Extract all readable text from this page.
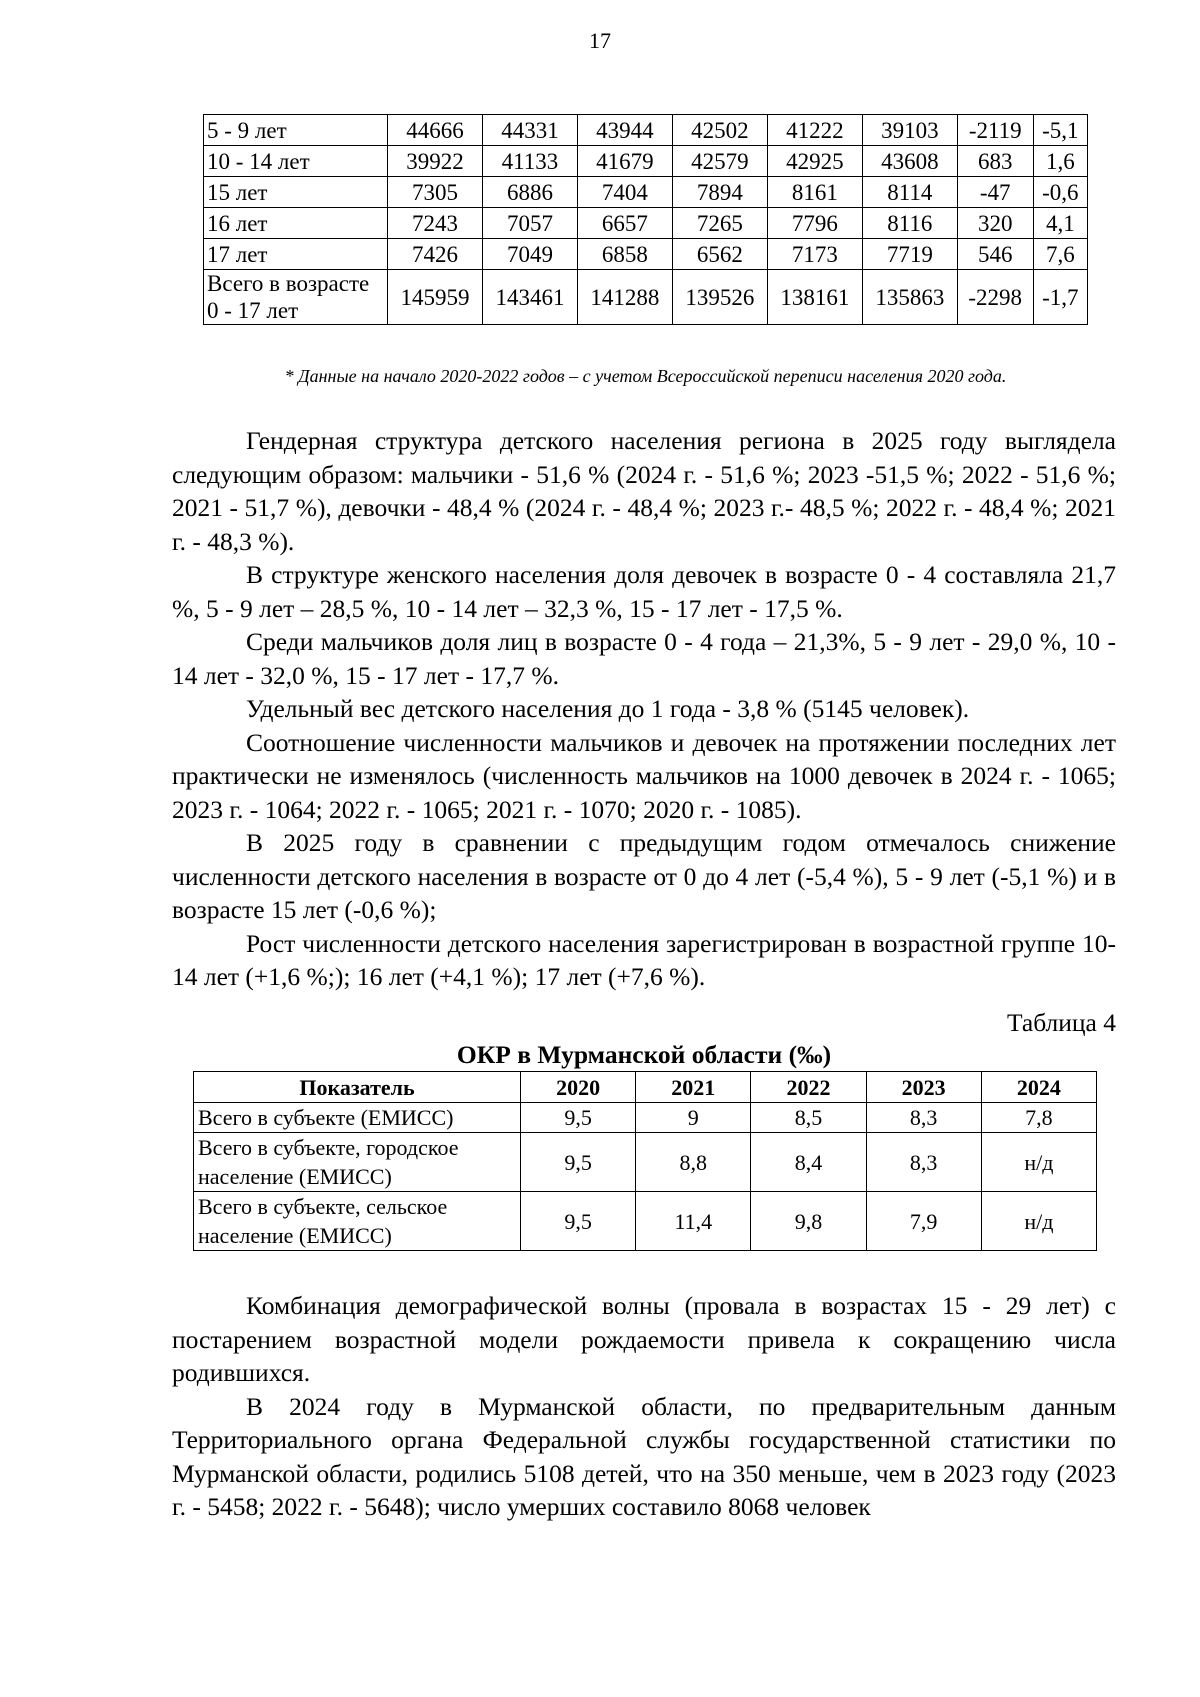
17
5 - 9 лет	44666	44331	43944	42502	41222	39103	-2119	-5,1
10 - 14 лет	39922	41133	41679	42579	42925	43608	683	1,6
15 лет	7305	6886	7404	7894	8161	8114	-47	-0,6
16 лет	7243	7057	6657	7265	7796	8116	320	4,1
17 лет	7426	7049	6858	6562	7173	7719	546	7,6
Всего в возрасте 0 - 17 лет	145959	143461	141288	139526	138161	135863	-2298	-1,7
* Данные на начало 2020-2022 годов – с учетом Всероссийской переписи населения 2020 года.

Гендерная структура детского населения региона в 2025 году выглядела следующим образом: мальчики - 51,6 % (2024 г. - 51,6 %; 2023 -51,5 %; 2022 - 51,6 %; 2021 - 51,7 %), девочки - 48,4 % (2024 г. - 48,4 %; 2023 г.- 48,5 %; 2022 г. - 48,4 %; 2021 г. - 48,3 %).

В структуре женского населения доля девочек в возрасте 0 - 4 составляла 21,7 %, 5 - 9 лет – 28,5 %, 10 - 14 лет – 32,3 %, 15 - 17 лет - 17,5 %.

Среди мальчиков доля лиц в возрасте 0 - 4 года – 21,3%, 5 - 9 лет - 29,0 %, 10 - 14 лет - 32,0 %, 15 - 17 лет - 17,7 %.

Удельный вес детского населения до 1 года - 3,8 % (5145 человек).

Соотношение численности мальчиков и девочек на протяжении последних лет практически не изменялось (численность мальчиков на 1000 девочек в 2024 г. - 1065; 2023 г. - 1064; 2022 г. - 1065; 2021 г. - 1070; 2020 г. - 1085).

В 2025 году в сравнении с предыдущим годом отмечалось снижение численности детского населения в возрасте от 0 до 4 лет (-5,4 %), 5 - 9 лет (-5,1 %) и в возрасте 15 лет (-0,6 %);

Рост численности детского населения зарегистрирован в возрастной группе 10-14 лет (+1,6 %;); 16 лет (+4,1 %); 17 лет (+7,6 %).

Таблица 4
ОКР в Мурманской области (‰)
Показатель	2020	2021	2022	2023	2024
Всего в субъекте (ЕМИСС)	9,5	9	8,5	8,3	7,8
Всего в субъекте, городское население (ЕМИСС)	9,5	8,8	8,4	8,3	н/д
Всего в субъекте, сельское население (ЕМИСС)	9,5	11,4	9,8	7,9	н/д

Комбинация демографической волны (провала в возрастах 15 - 29 лет) с постарением возрастной модели рождаемости привела к сокращению числа родившихся.

В 2024 году в Мурманской области, по предварительным данным Территориального органа Федеральной службы государственной статистики по Мурманской области, родились 5108 детей, что на 350 меньше, чем в 2023 году (2023 г. - 5458; 2022 г. - 5648); число умерших составило 8068 человек
